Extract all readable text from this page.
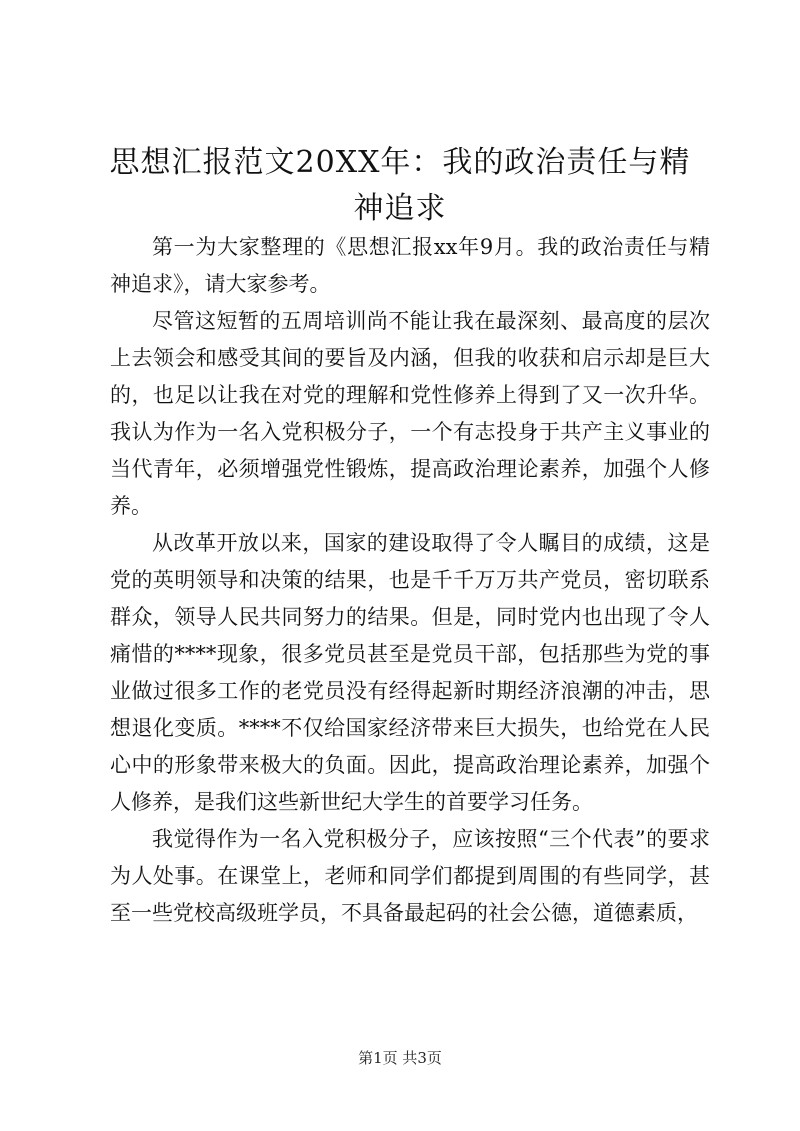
思想汇报范文20XX年：我的政治责任与精神追求

第一为大家整理的《思想汇报xx年9月。我的政治责任与精神追求》，请大家参考。

尽管这短暂的五周培训尚不能让我在最深刻、最高度的层次上去领会和感受其间的要旨及内涵，但我的收获和启示却是巨大的，也足以让我在对党的理解和党性修养上得到了又一次升华。我认为作为一名入党积极分子，一个有志投身于共产主义事业的当代青年，必须增强党性锻炼，提高政治理论素养，加强个人修养。

从改革开放以来，国家的建设取得了令人瞩目的成绩，这是党的英明领导和决策的结果，也是千千万万共产党员，密切联系群众，领导人民共同努力的结果。但是，同时党内也出现了令人痛惜的****现象，很多党员甚至是党员干部，包括那些为党的事业做过很多工作的老党员没有经得起新时期经济浪潮的冲击，思想退化变质。****不仅给国家经济带来巨大损失，也给党在人民心中的形象带来极大的负面。因此，提高政治理论素养，加强个人修养，是我们这些新世纪大学生的首要学习任务。

我觉得作为一名入党积极分子，应该按照“三个代表”的要求为人处事。在课堂上，老师和同学们都提到周围的有些同学，甚至一些党校高级班学员，不具备最起码的社会公德，道德素质，

第1页 共3页
